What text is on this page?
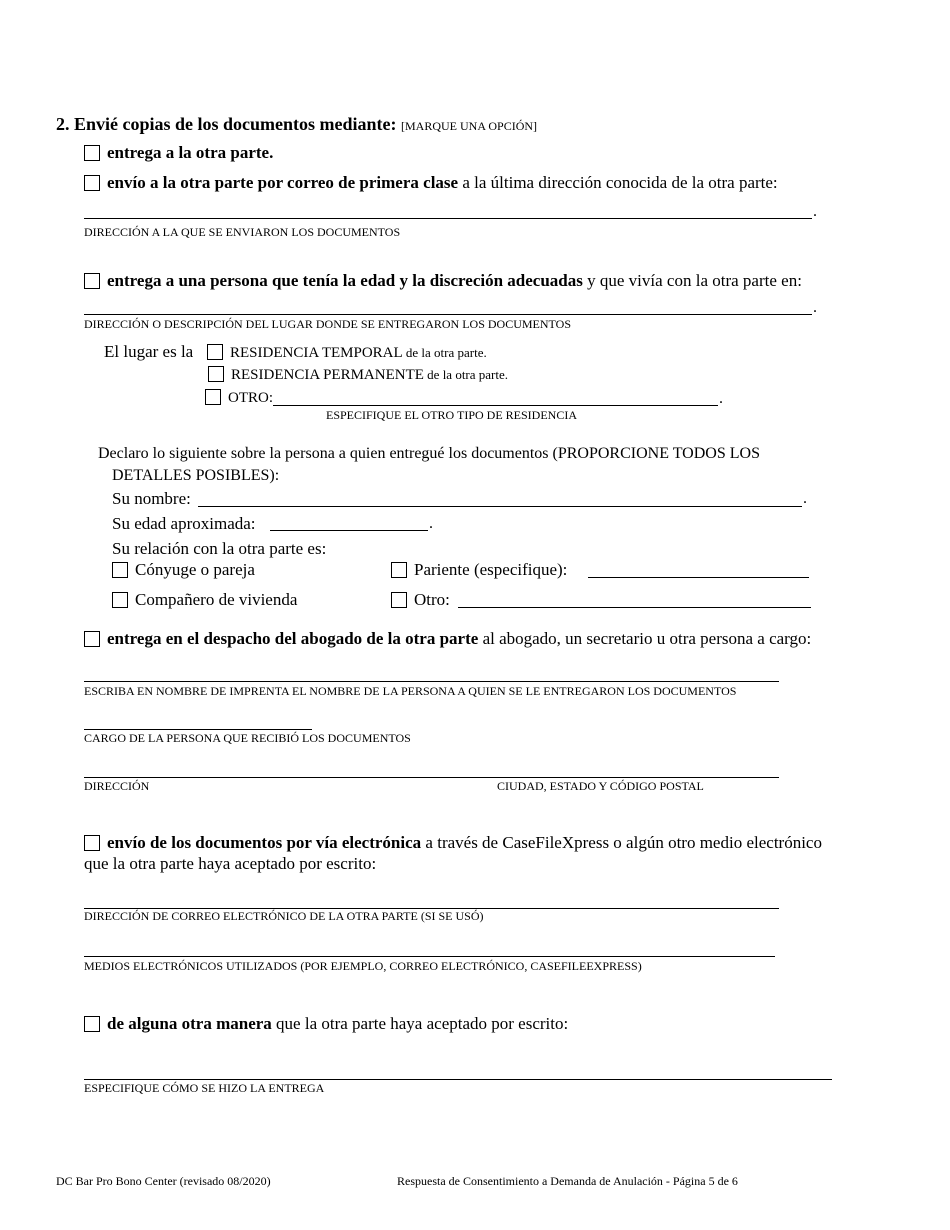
2. Envié copias de los documentos mediante: [MARQUE UNA OPCIÓN]
entrega a la otra parte.
envío a la otra parte por correo de primera clase a la última dirección conocida de la otra parte:
.
DIRECCIÓN A LA QUE SE ENVIARON LOS DOCUMENTOS
entrega a una persona que tenía la edad y la discreción adecuadas y que vivía con la otra parte en:
.
DIRECCIÓN O DESCRIPCIÓN DEL LUGAR DONDE SE ENTREGARON LOS DOCUMENTOS
El lugar es la RESIDENCIA TEMPORAL de la otra parte.
RESIDENCIA PERMANENTE de la otra parte.
OTRO:	.
ESPECIFIQUE EL OTRO TIPO DE RESIDENCIA
Declaro lo siguiente sobre la persona a quien entregué los documentos (PROPORCIONE TODOS LOS
DETALLES POSIBLES):
Su nombre:	.
Su edad aproximada:	.
Su relación con la otra parte es:
Cónyuge o pareja	Pariente (especifique):
Compañero de vivienda	Otro:
entrega en el despacho del abogado de la otra parte al abogado, un secretario u otra persona a cargo:
ESCRIBA EN NOMBRE DE IMPRENTA EL NOMBRE DE LA PERSONA A QUIEN SE LE ENTREGARON LOS DOCUMENTOS
CARGO DE LA PERSONA QUE RECIBIÓ LOS DOCUMENTOS
DIRECCIÓN	CIUDAD, ESTADO Y CÓDIGO POSTAL
envío de los documentos por vía electrónica a través de CaseFileXpress o algún otro medio electrónico
que la otra parte haya aceptado por escrito:
DIRECCIÓN DE CORREO ELECTRÓNICO DE LA OTRA PARTE (SI SE USÓ)
MEDIOS ELECTRÓNICOS UTILIZADOS (POR EJEMPLO, CORREO ELECTRÓNICO, CASEFILEEXPRESS)
de alguna otra manera que la otra parte haya aceptado por escrito:
ESPECIFIQUE CÓMO SE HIZO LA ENTREGA
DC Bar Pro Bono Center (revisado 08/2020)	Respuesta de Consentimiento a Demanda de Anulación - Página 5 de 6
